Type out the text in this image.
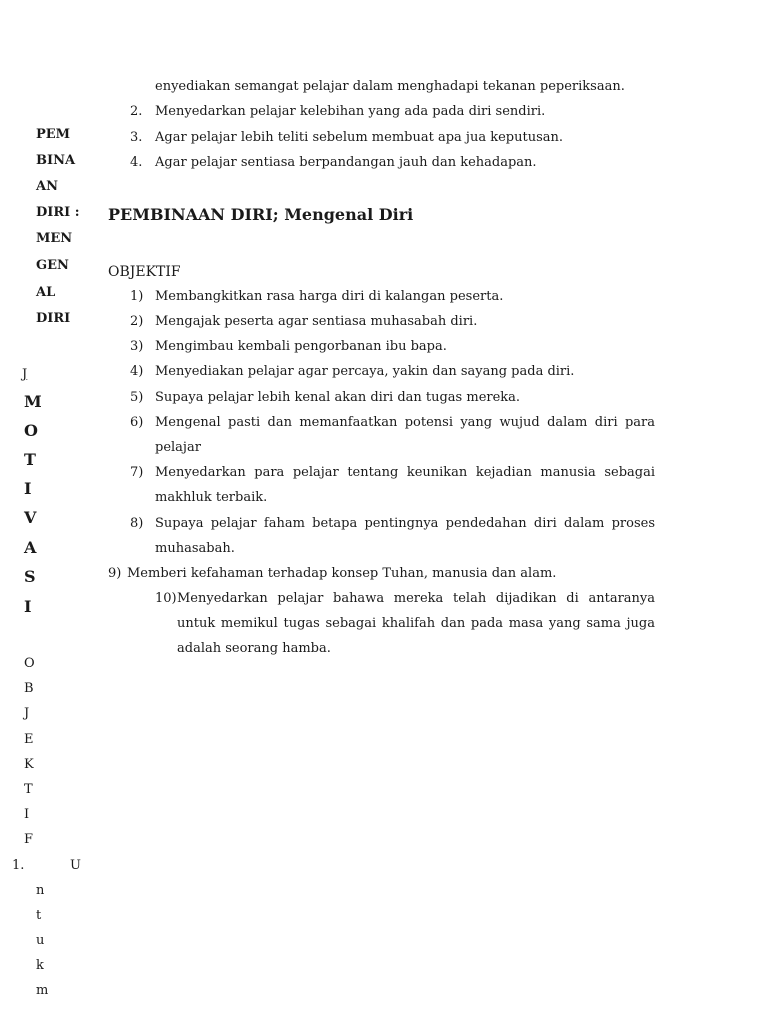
enyediakan semangat pelajar dalam menghadapi tekanan peperiksaan.
2. Menyedarkan pelajar kelebihan yang ada pada diri sendiri.
3. Agar pelajar lebih teliti sebelum membuat apa jua keputusan.
4. Agar pelajar sentiasa berpandangan jauh dan kehadapan.
PEM
BINA
AN
DIRI :
MEN
GEN
AL
DIRI
J
M
O
T
I
V
A
S
I
O
B
J
E
K
T
I
F
1.	U
n
t
u
k
m
PEMBINAAN DIRI; Mengenal Diri
OBJEKTIF
1) Membangkitkan rasa harga diri di kalangan peserta.
2) Mengajak peserta agar sentiasa muhasabah diri.
3) Mengimbau kembali pengorbanan ibu bapa.
4) Menyediakan pelajar agar percaya, yakin dan sayang pada diri.
5) Supaya pelajar lebih kenal akan diri dan tugas mereka.
6) Mengenal pasti dan memanfaatkan potensi yang wujud dalam diri para pelajar
7) Menyedarkan para pelajar tentang keunikan kejadian manusia sebagai makhluk terbaik.
8) Supaya pelajar faham betapa pentingnya pendedahan diri dalam proses muhasabah.
9) Memberi kefahaman terhadap konsep Tuhan, manusia dan alam.
10) Menyedarkan pelajar bahawa mereka telah dijadikan di antaranya untuk memikul tugas sebagai khalifah dan pada masa yang sama juga adalah seorang hamba.
